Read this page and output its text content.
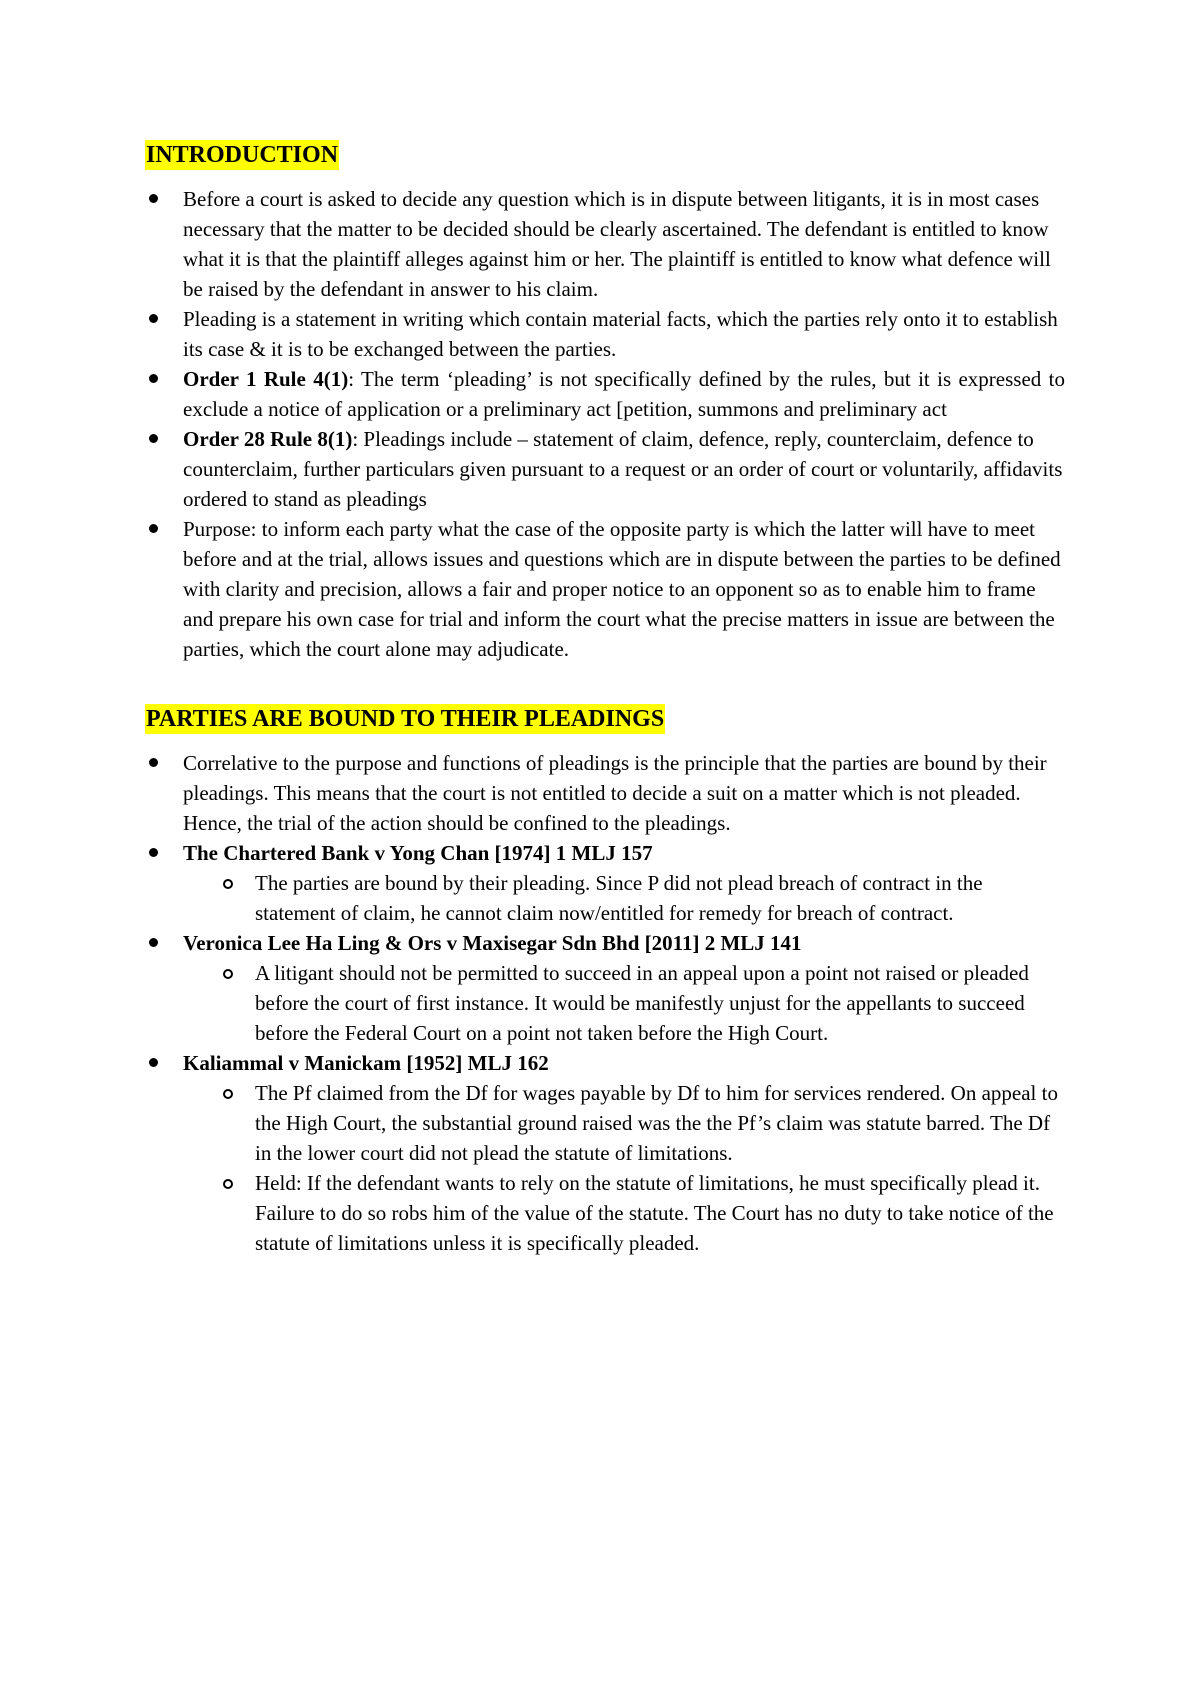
INTRODUCTION
Before a court is asked to decide any question which is in dispute between litigants, it is in most cases necessary that the matter to be decided should be clearly ascertained. The defendant is entitled to know what it is that the plaintiff alleges against him or her. The plaintiff is entitled to know what defence will be raised by the defendant in answer to his claim.
Pleading is a statement in writing which contain material facts, which the parties rely onto it to establish its case & it is to be exchanged between the parties.
Order 1 Rule 4(1): The term ‘pleading’ is not specifically defined by the rules, but it is expressed to exclude a notice of application or a preliminary act [petition, summons and preliminary act
Order 28 Rule 8(1): Pleadings include – statement of claim, defence, reply, counterclaim, defence to counterclaim, further particulars given pursuant to a request or an order of court or voluntarily, affidavits ordered to stand as pleadings
Purpose: to inform each party what the case of the opposite party is which the latter will have to meet before and at the trial, allows issues and questions which are in dispute between the parties to be defined with clarity and precision, allows a fair and proper notice to an opponent so as to enable him to frame and prepare his own case for trial and inform the court what the precise matters in issue are between the parties, which the court alone may adjudicate.
PARTIES ARE BOUND TO THEIR PLEADINGS
Correlative to the purpose and functions of pleadings is the principle that the parties are bound by their pleadings. This means that the court is not entitled to decide a suit on a matter which is not pleaded. Hence, the trial of the action should be confined to the pleadings.
The Chartered Bank v Yong Chan [1974] 1 MLJ 157
The parties are bound by their pleading. Since P did not plead breach of contract in the statement of claim, he cannot claim now/entitled for remedy for breach of contract.
Veronica Lee Ha Ling & Ors v Maxisegar Sdn Bhd [2011] 2 MLJ 141
A litigant should not be permitted to succeed in an appeal upon a point not raised or pleaded before the court of first instance. It would be manifestly unjust for the appellants to succeed before the Federal Court on a point not taken before the High Court.
Kaliammal v Manickam [1952] MLJ 162
The Pf claimed from the Df for wages payable by Df to him for services rendered. On appeal to the High Court, the substantial ground raised was the the Pf’s claim was statute barred. The Df in the lower court did not plead the statute of limitations.
Held: If the defendant wants to rely on the statute of limitations, he must specifically plead it. Failure to do so robs him of the value of the statute. The Court has no duty to take notice of the statute of limitations unless it is specifically pleaded.
